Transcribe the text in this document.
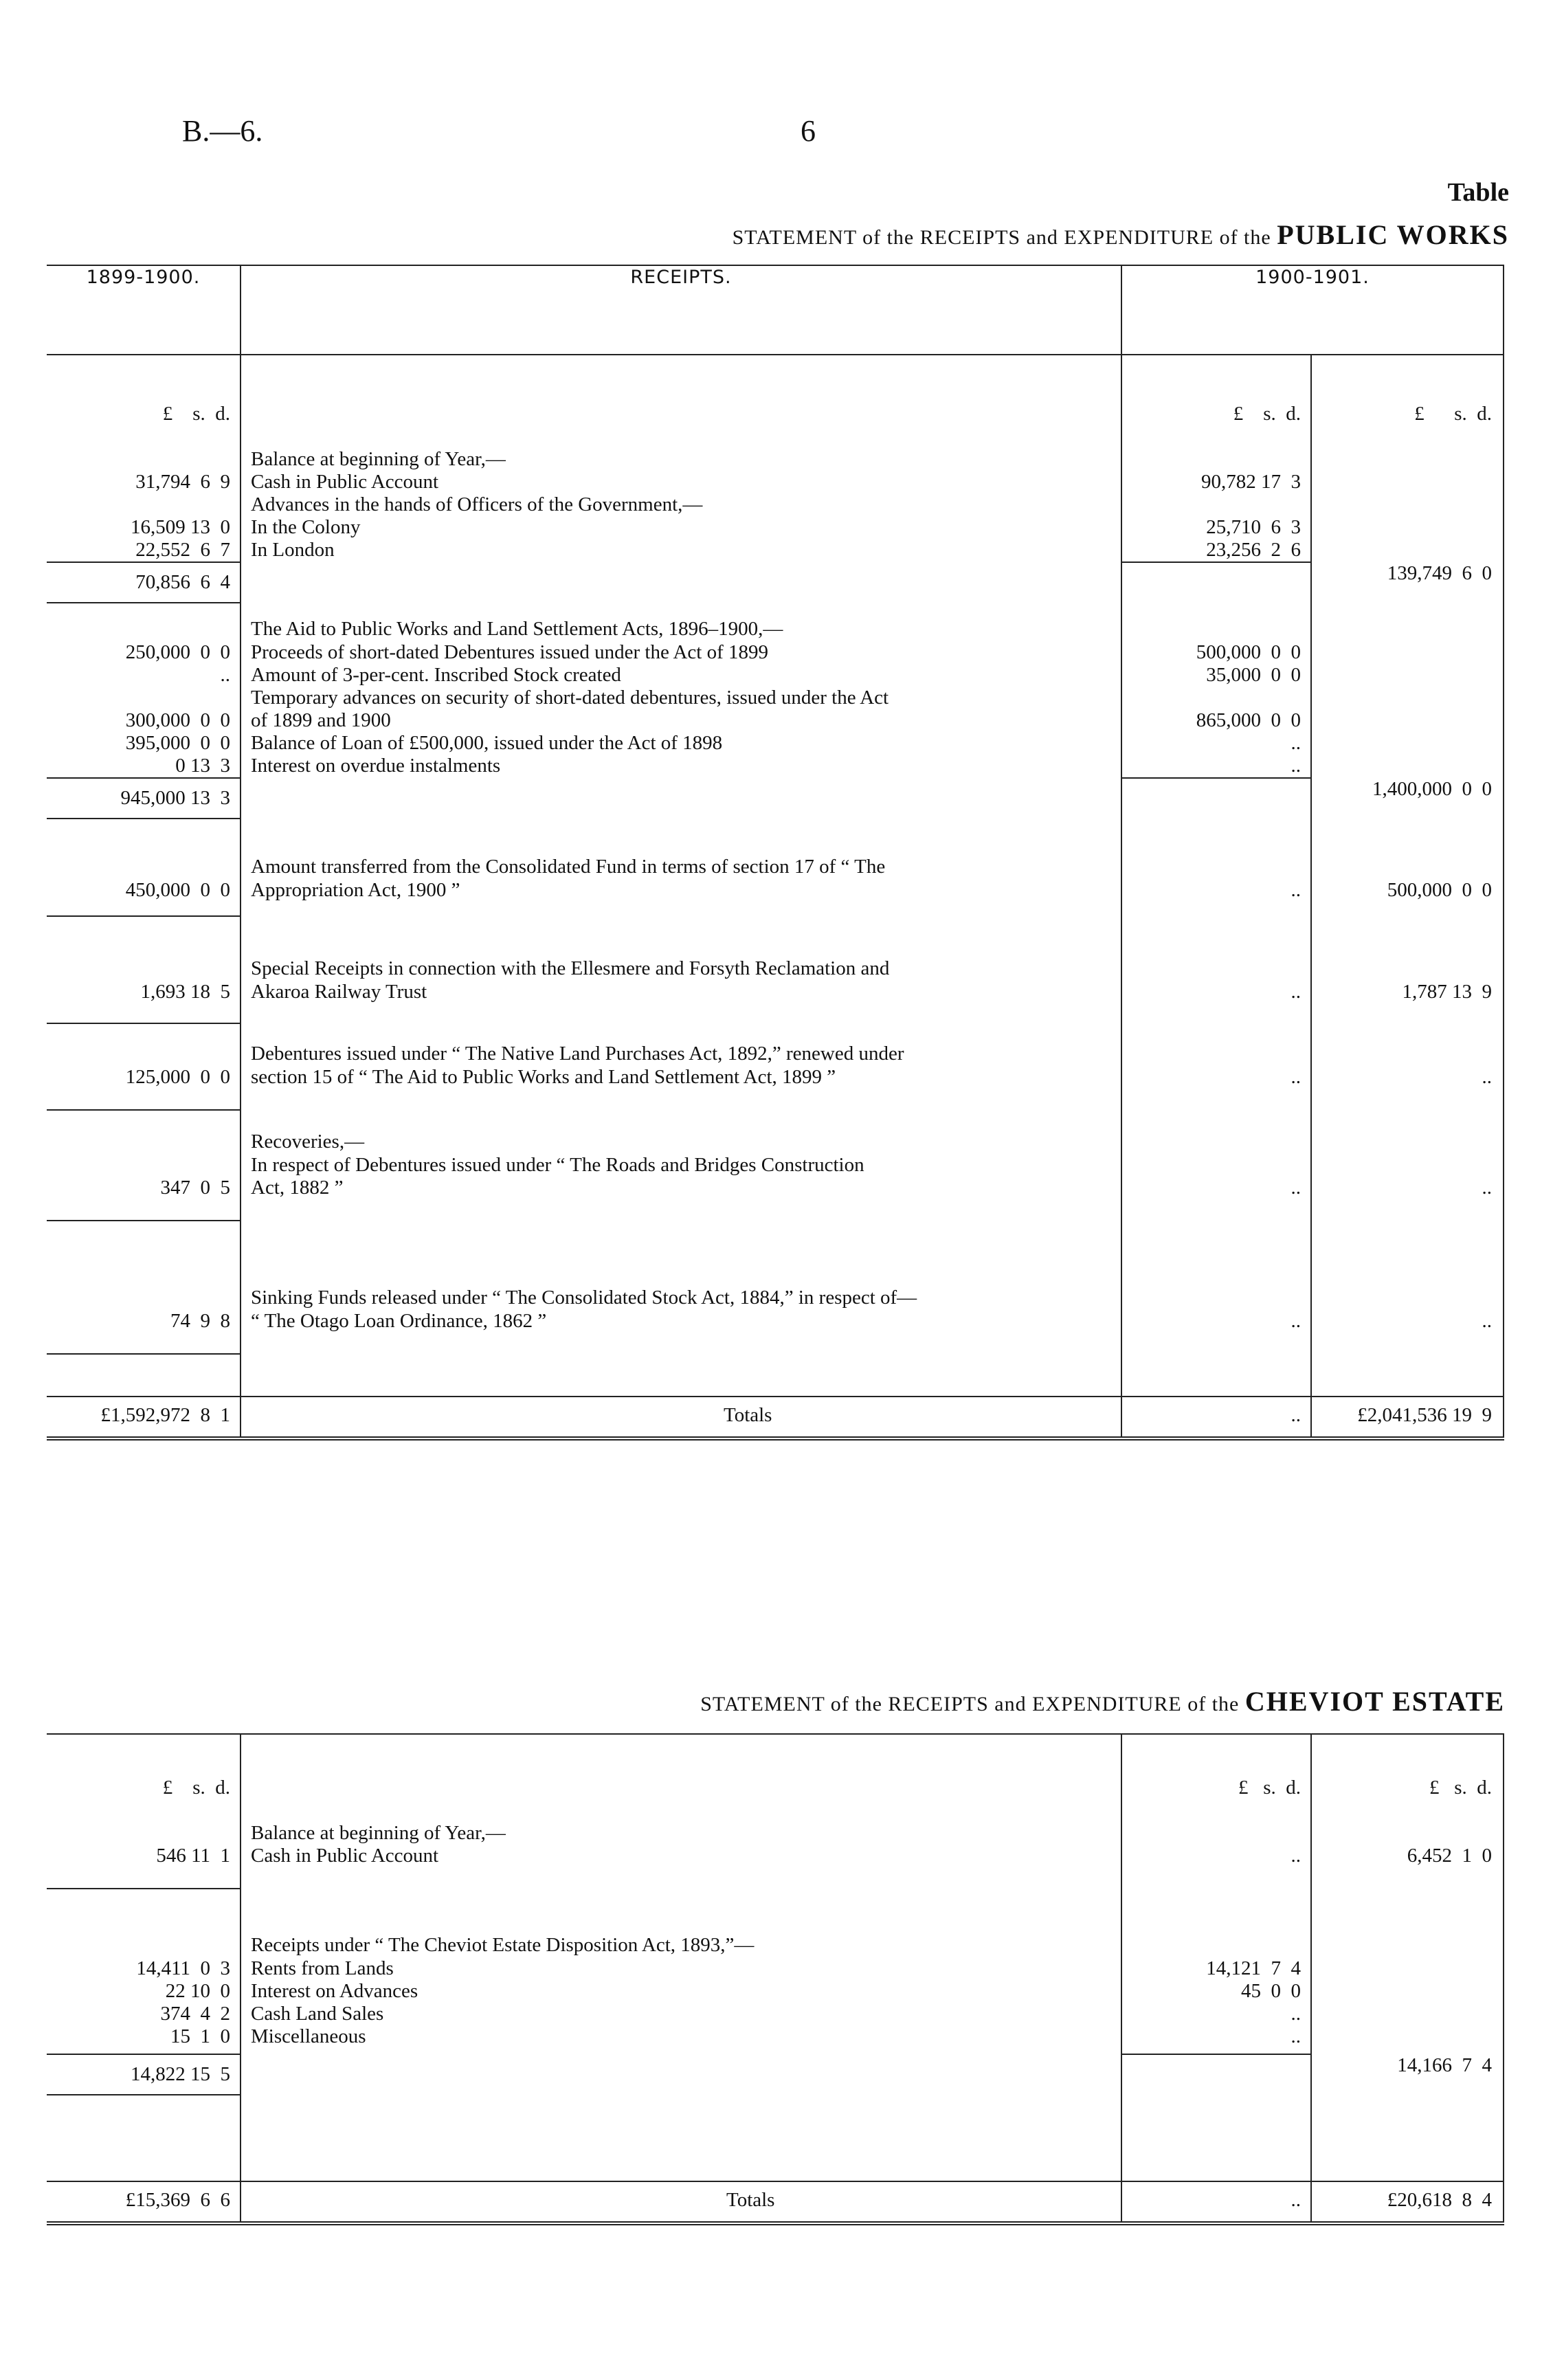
B.—6.	6
Table
STATEMENT of the RECEIPTS and EXPENDITURE of the PUBLIC WORKS
1899-1900.	RECEIPTS.	1900-1901.	

£ s. d.		£ s. d.	£ s. d.

	Balance at beginning of Year,—		
31,794  6  9	Cash in Public Account	90,782 17  3	
	Advances in the hands of Officers of the Government,—		
16,509 13  0	In the Colony	25,710  6  3	
22,552  6  7	In London	23,256  2  6	
70,856  6  4			139,749  6  0
	The Aid to Public Works and Land Settlement Acts, 1896–1900,—		
250,000  0  0	Proceeds of short-dated Debentures issued under the Act of 1899	500,000  0  0	
..	Amount of 3-per-cent. Inscribed Stock created	35,000  0  0	
	Temporary advances on security of short-dated debentures, issued under the Act		
300,000  0  0	of 1899 and 1900	865,000  0  0	
395,000  0  0	Balance of Loan of £500,000, issued under the Act of 1898	..	
0 13  3	Interest on overdue instalments	..	
945,000 13  3			1,400,000  0  0
	Amount transferred from the Consolidated Fund in terms of section 17 of “ The		
450,000  0  0	Appropriation Act, 1900 ”	..	500,000  0  0
	Special Receipts in connection with the Ellesmere and Forsyth Reclamation and		
1,693 18  5	Akaroa Railway Trust	..	1,787 13  9
	Debentures issued under “ The Native Land Purchases Act, 1892,” renewed under		
125,000  0  0	section 15 of “ The Aid to Public Works and Land Settlement Act, 1899 ”	..	..
	Recoveries,—		
	In respect of Debentures issued under “ The Roads and Bridges Construction		
347  0  5	Act, 1882 ”	..	..
	Sinking Funds released under “ The Consolidated Stock Act, 1884,” in respect of—		
74  9  8	“ The Otago Loan Ordinance, 1862 ”	..	..

£1,592,972  8  1	Totals	..	£2,041,536 19  9
STATEMENT of the RECEIPTS and EXPENDITURE of the CHEVIOT ESTATE

£ s. d.		£ s. d.	£ s. d.

	Balance at beginning of Year,—		
546 11  1	Cash in Public Account	..	6,452  1  0
	Receipts under “ The Cheviot Estate Disposition Act, 1893,”—		
14,411  0  3	Rents from Lands	14,121  7  4	
22 10  0	Interest on Advances	45  0  0	
374  4  2	Cash Land Sales	..	
15  1  0	Miscellaneous	..	
14,822 15  5			14,166  7  4

£15,369  6  6	Totals	..	£20,618  8  4
